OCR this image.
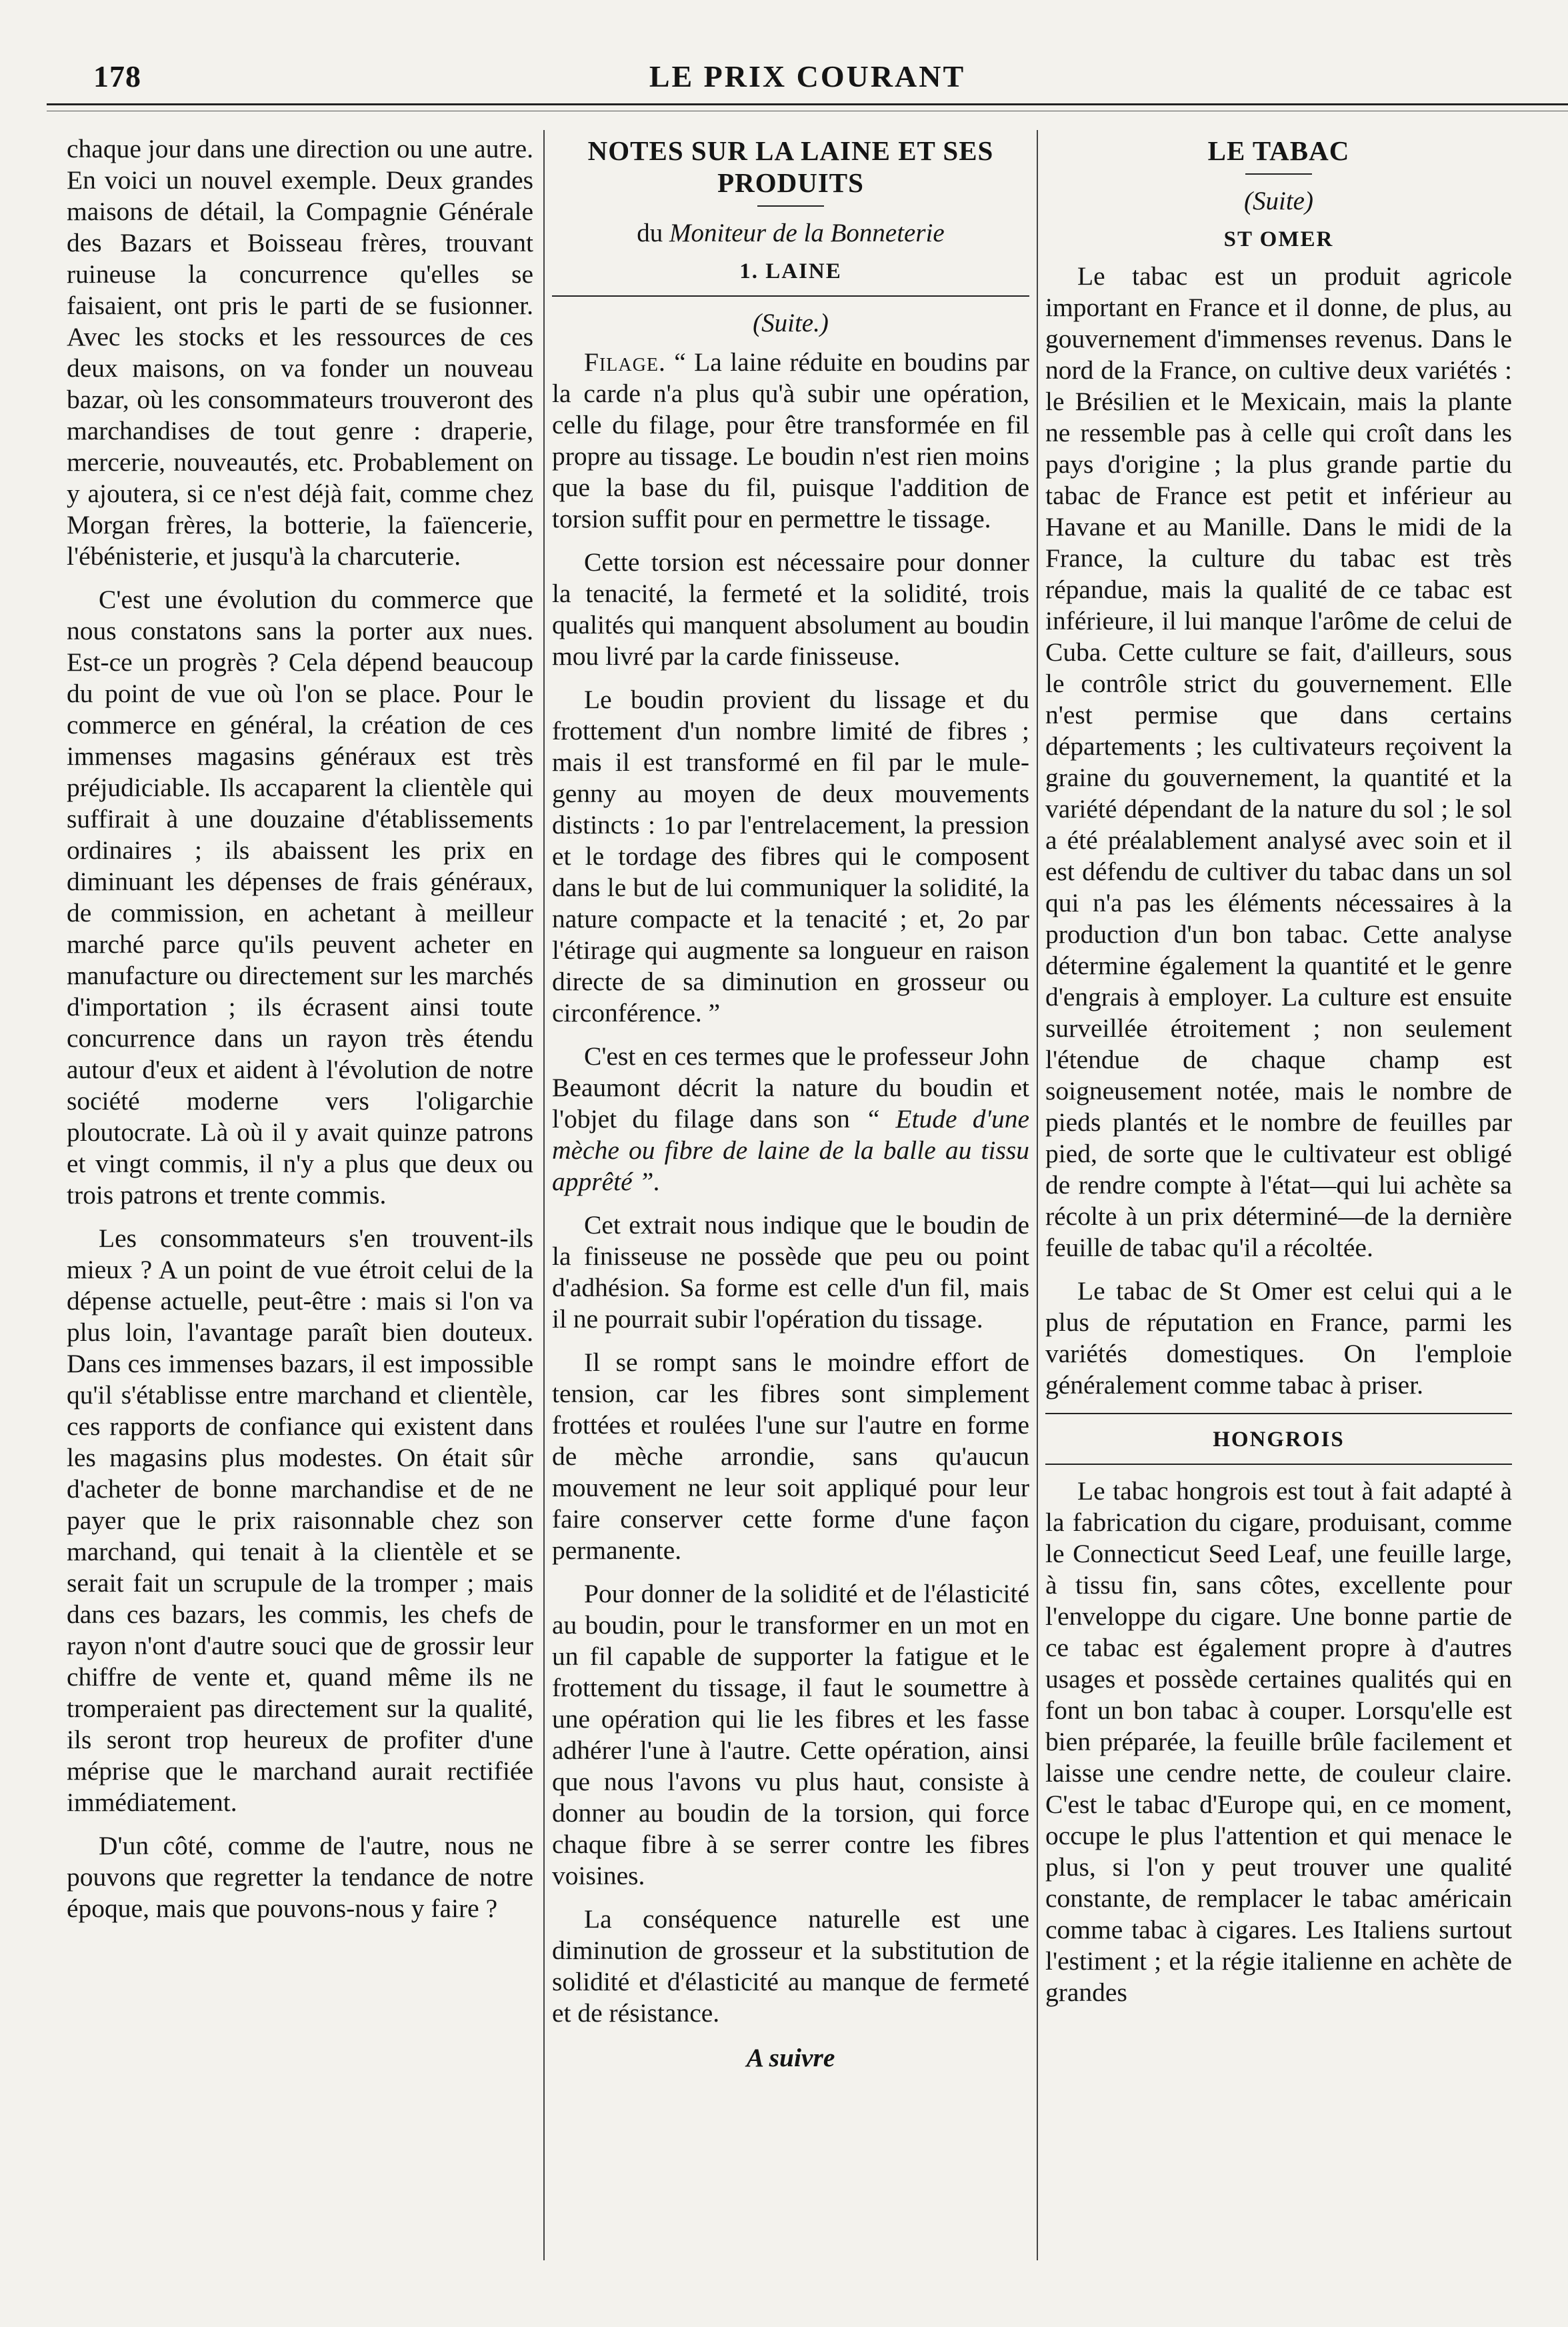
178	LE PRIX COURANT

chaque jour dans une direction ou une autre. En voici un nouvel exemple. Deux grandes maisons de détail, la Compagnie Générale des Bazars et Boisseau frères, trouvant ruineuse la concurrence qu'elles se faisaient, ont pris le parti de se fusionner. Avec les stocks et les ressources de ces deux maisons, on va fonder un nouveau bazar, où les consommateurs trouveront des marchandises de tout genre : draperie, mercerie, nouveautés, etc. Probablement on y ajoutera, si ce n'est déjà fait, comme chez Morgan frères, la botterie, la faïencerie, l'ébénisterie, et jusqu'à la charcuterie.

C'est une évolution du commerce que nous constatons sans la porter aux nues. Est-ce un progrès ? Cela dépend beaucoup du point de vue où l'on se place. Pour le commerce en général, la création de ces immenses magasins généraux est très préjudiciable. Ils accaparent la clientèle qui suffirait à une douzaine d'établissements ordinaires ; ils abaissent les prix en diminuant les dépenses de frais généraux, de commission, en achetant à meilleur marché parce qu'ils peuvent acheter en manufacture ou directement sur les marchés d'importation ; ils écrasent ainsi toute concurrence dans un rayon très étendu autour d'eux et aident à l'évolution de notre société moderne vers l'oligarchie ploutocrate. Là où il y avait quinze patrons et vingt commis, il n'y a plus que deux ou trois patrons et trente commis.

Les consommateurs s'en trouvent-ils mieux ? A un point de vue étroit celui de la dépense actuelle, peut-être : mais si l'on va plus loin, l'avantage paraît bien douteux. Dans ces immenses bazars, il est impossible qu'il s'établisse entre marchand et clientèle, ces rapports de confiance qui existent dans les magasins plus modestes. On était sûr d'acheter de bonne marchandise et de ne payer que le prix raisonnable chez son marchand, qui tenait à la clientèle et se serait fait un scrupule de la tromper ; mais dans ces bazars, les commis, les chefs de rayon n'ont d'autre souci que de grossir leur chiffre de vente et, quand même ils ne tromperaient pas directement sur la qualité, ils seront trop heureux de profiter d'une méprise que le marchand aurait rectifiée immédiatement.

D'un côté, comme de l'autre, nous ne pouvons que regretter la tendance de notre époque, mais que pouvons-nous y faire ?

NOTES SUR LA LAINE ET SES PRODUITS

du Moniteur de la Bonneterie

1. LAINE

(Suite.)

Filage. “ La laine réduite en boudins par la carde n'a plus qu'à subir une opération, celle du filage, pour être transformée en fil propre au tissage. Le boudin n'est rien moins que la base du fil, puisque l'addition de torsion suffit pour en permettre le tissage.

Cette torsion est nécessaire pour donner la tenacité, la fermeté et la solidité, trois qualités qui manquent absolument au boudin mou livré par la carde finisseuse.

Le boudin provient du lissage et du frottement d'un nombre limité de fibres ; mais il est transformé en fil par le mule-genny au moyen de deux mouvements distincts : 1o par l'entrelacement, la pression et le tordage des fibres qui le composent dans le but de lui communiquer la solidité, la nature compacte et la tenacité ; et, 2o par l'étirage qui augmente sa longueur en raison directe de sa diminution en grosseur ou circonférence. ”

C'est en ces termes que le professeur John Beaumont décrit la nature du boudin et l'objet du filage dans son “ Etude d'une mèche ou fibre de laine de la balle au tissu apprêté ”.

Cet extrait nous indique que le boudin de la finisseuse ne possède que peu ou point d'adhésion. Sa forme est celle d'un fil, mais il ne pourrait subir l'opération du tissage.

Il se rompt sans le moindre effort de tension, car les fibres sont simplement frottées et roulées l'une sur l'autre en forme de mèche arrondie, sans qu'aucun mouvement ne leur soit appliqué pour leur faire conserver cette forme d'une façon permanente.

Pour donner de la solidité et de l'élasticité au boudin, pour le transformer en un mot en un fil capable de supporter la fatigue et le frottement du tissage, il faut le soumettre à une opération qui lie les fibres et les fasse adhérer l'une à l'autre. Cette opération, ainsi que nous l'avons vu plus haut, consiste à donner au boudin de la torsion, qui force chaque fibre à se serrer contre les fibres voisines.

La conséquence naturelle est une diminution de grosseur et la substitution de solidité et d'élasticité au manque de fermeté et de résistance.

A suivre

LE TABAC

(Suite)

ST OMER

Le tabac est un produit agricole important en France et il donne, de plus, au gouvernement d'immenses revenus. Dans le nord de la France, on cultive deux variétés : le Brésilien et le Mexicain, mais la plante ne ressemble pas à celle qui croît dans les pays d'origine ; la plus grande partie du tabac de France est petit et inférieur au Havane et au Manille. Dans le midi de la France, la culture du tabac est très répandue, mais la qualité de ce tabac est inférieure, il lui manque l'arôme de celui de Cuba. Cette culture se fait, d'ailleurs, sous le contrôle strict du gouvernement. Elle n'est permise que dans certains départements ; les cultivateurs reçoivent la graine du gouvernement, la quantité et la variété dépendant de la nature du sol ; le sol a été préalablement analysé avec soin et il est défendu de cultiver du tabac dans un sol qui n'a pas les éléments nécessaires à la production d'un bon tabac. Cette analyse détermine également la quantité et le genre d'engrais à employer. La culture est ensuite surveillée étroitement ; non seulement l'étendue de chaque champ est soigneusement notée, mais le nombre de pieds plantés et le nombre de feuilles par pied, de sorte que le cultivateur est obligé de rendre compte à l'état—qui lui achète sa récolte à un prix déterminé—de la dernière feuille de tabac qu'il a récoltée.

Le tabac de St Omer est celui qui a le plus de réputation en France, parmi les variétés domestiques. On l'emploie généralement comme tabac à priser.

HONGROIS

Le tabac hongrois est tout à fait adapté à la fabrication du cigare, produisant, comme le Connecticut Seed Leaf, une feuille large, à tissu fin, sans côtes, excellente pour l'enveloppe du cigare. Une bonne partie de ce tabac est également propre à d'autres usages et possède certaines qualités qui en font un bon tabac à couper. Lorsqu'elle est bien préparée, la feuille brûle facilement et laisse une cendre nette, de couleur claire. C'est le tabac d'Europe qui, en ce moment, occupe le plus l'attention et qui menace le plus, si l'on y peut trouver une qualité constante, de remplacer le tabac américain comme tabac à cigares. Les Italiens surtout l'estiment ; et la régie italienne en achète de grandes
